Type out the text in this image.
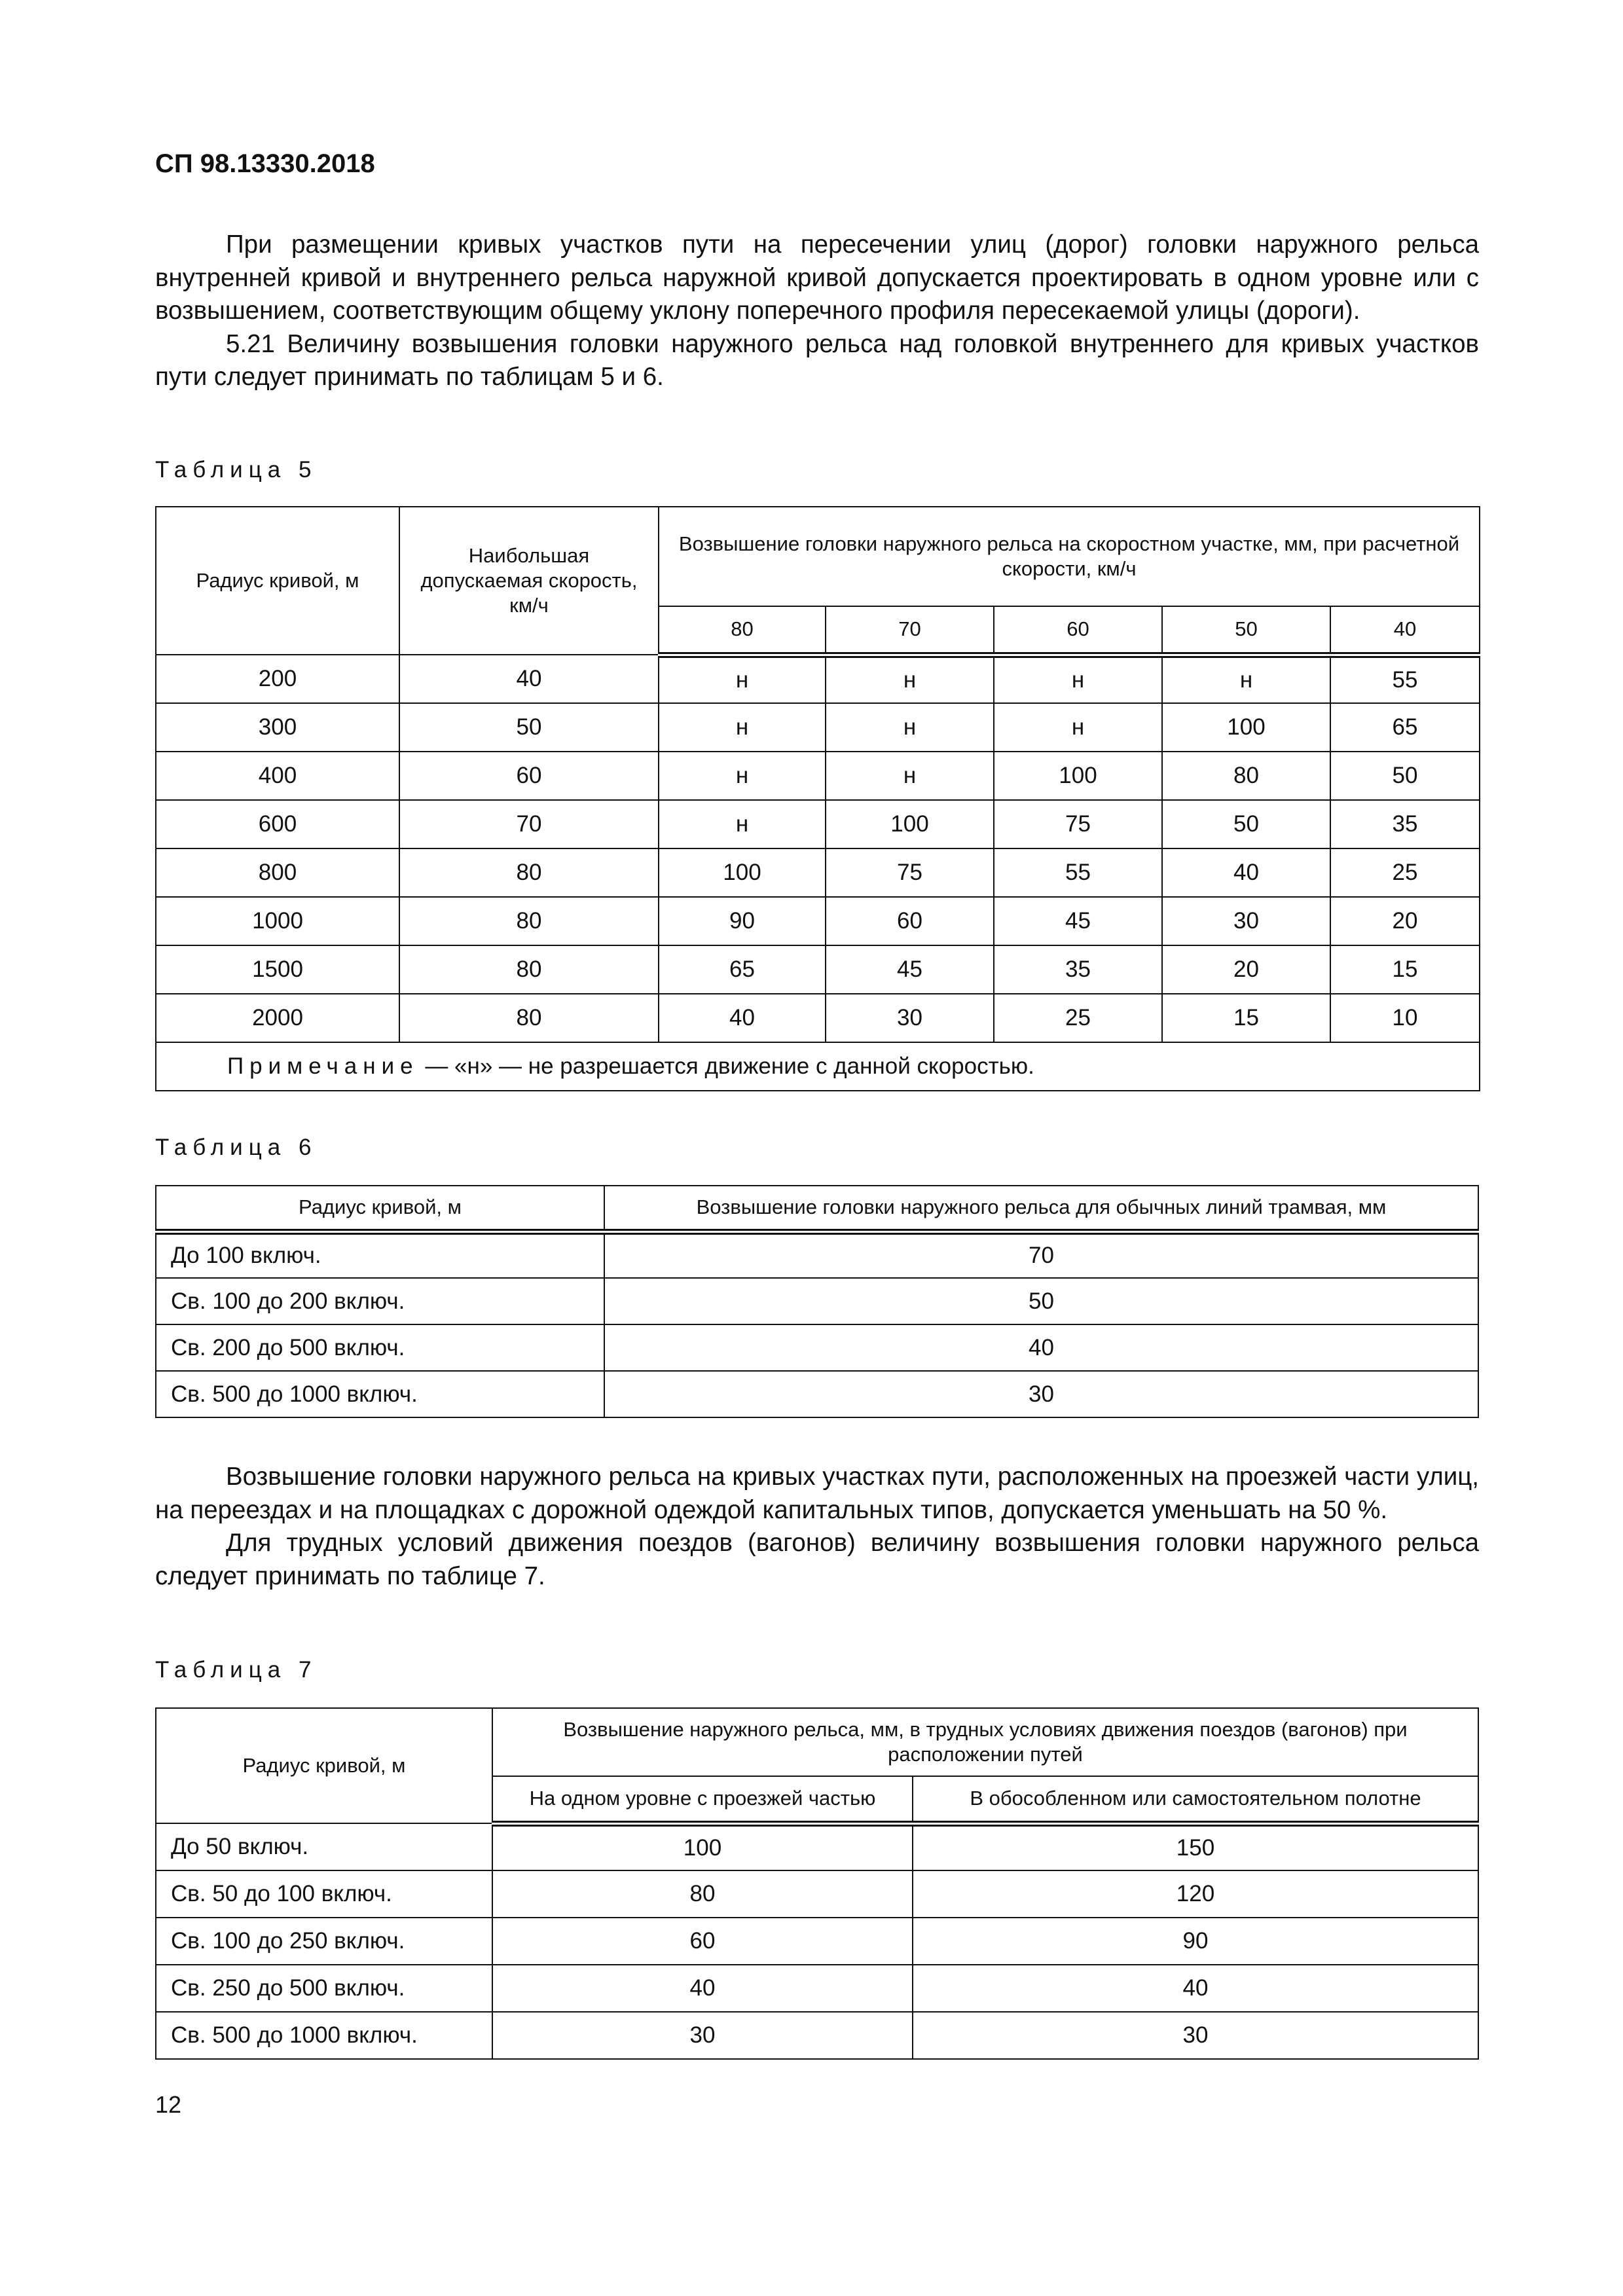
СП 98.13330.2018

При размещении кривых участков пути на пересечении улиц (дорог) головки наружного рельса внутренней кривой и внутреннего рельса наружной кривой допускается проектировать в одном уровне или с возвышением, соответствующим общему уклону поперечного профиля пересекаемой улицы (дороги).

5.21 Величину возвышения головки наружного рельса над головкой внутреннего для кривых участков пути следует принимать по таблицам 5 и 6.

Таблица 5
Радиус кривой, м	Наибольшая допускаемая скорость, км/ч	Возвышение головки наружного рельса на скоростном участке, мм, при расчетной скорости, км/ч				
		80	70	60	50	40
200	40	н	н	н	н	55
300	50	н	н	н	100	65
400	60	н	н	100	80	50
600	70	н	100	75	50	35
800	80	100	75	55	40	25
1000	80	90	60	45	30	20
1500	80	65	45	35	20	15
2000	80	40	30	25	15	10
Примечание — «н» — не разрешается движение с данной скоростью.						
Таблица 6
Радиус кривой, м	Возвышение головки наружного рельса для обычных линий трамвая, мм
До 100 включ.	70
Св. 100 до 200 включ.	50
Св. 200 до 500 включ.	40
Св. 500 до 1000 включ.	30

Возвышение головки наружного рельса на кривых участках пути, расположенных на проезжей части улиц, на переездах и на площадках с дорожной одеждой капитальных типов, допускается уменьшать на 50 %.

Для трудных условий движения поездов (вагонов) величину возвышения головки наружного рельса следует принимать по таблице 7.

Таблица 7
Радиус кривой, м	Возвышение наружного рельса, мм, в трудных условиях движения поездов (вагонов) при расположении путей	
	На одном уровне с проезжей частью	В обособленном или самостоятельном полотне
До 50 включ.	100	150
Св. 50 до 100 включ.	80	120
Св. 100 до 250 включ.	60	90
Св. 250 до 500 включ.	40	40
Св. 500 до 1000 включ.	30	30
12
